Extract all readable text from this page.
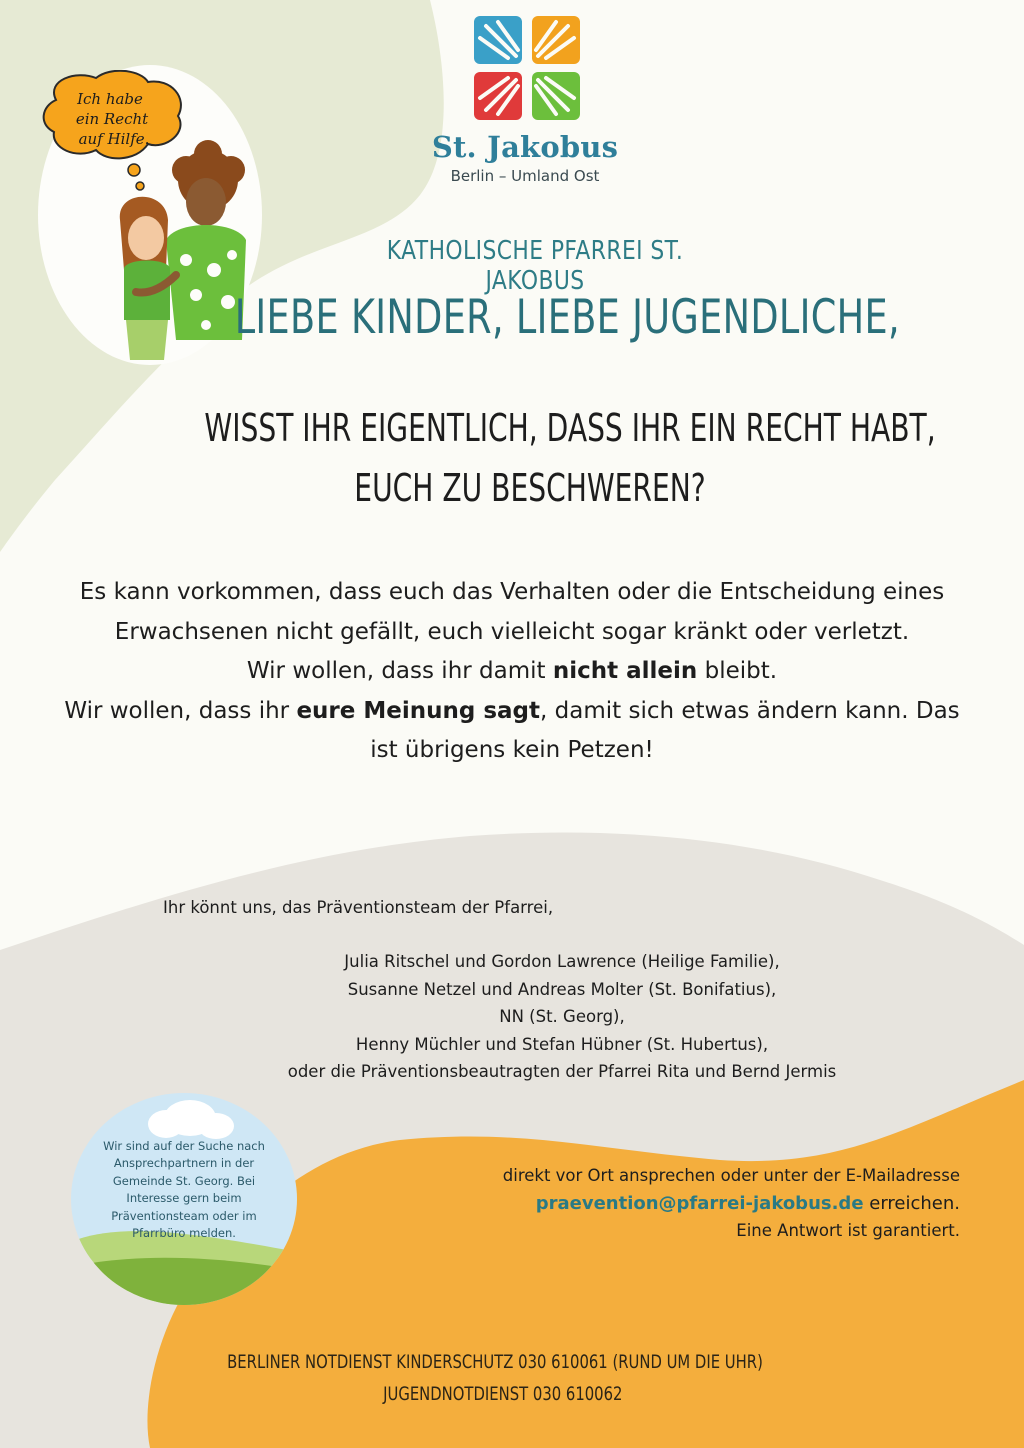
St. Jakobus
Berlin – Umland Ost
Ich habe
ein Recht
auf Hilfe.
KATHOLISCHE PFARREI ST. JAKOBUS
LIEBE KINDER, LIEBE JUGENDLICHE,
WISST IHR EIGENTLICH, DASS IHR EIN RECHT HABT,
EUCH ZU BESCHWEREN?
Es kann vorkommen, dass euch das Verhalten oder die Entscheidung eines Erwachsenen nicht gefällt, euch vielleicht sogar kränkt oder verletzt.
Wir wollen, dass ihr damit nicht allein bleibt.
Wir wollen, dass ihr eure Meinung sagt, damit sich etwas ändern kann. Das ist übrigens kein Petzen!
Ihr könnt uns, das Präventionsteam der Pfarrei,
Julia Ritschel und Gordon Lawrence (Heilige Familie),
Susanne Netzel und Andreas Molter (St. Bonifatius),
NN (St. Georg),
Henny Müchler und Stefan Hübner (St. Hubertus),
oder die Präventionsbeautragten der Pfarrei Rita und Bernd Jermis
Wir sind auf der Suche nach Ansprechpartnern in der Gemeinde St. Georg. Bei Interesse gern beim Präventionsteam oder im Pfarrbüro melden.
direkt vor Ort ansprechen oder unter der E-Mailadresse
praevention@pfarrei-jakobus.de erreichen.
Eine Antwort ist garantiert.
BERLINER NOTDIENST KINDERSCHUTZ 030 610061 (RUND UM DIE UHR)
JUGENDNOTDIENST 030 610062
